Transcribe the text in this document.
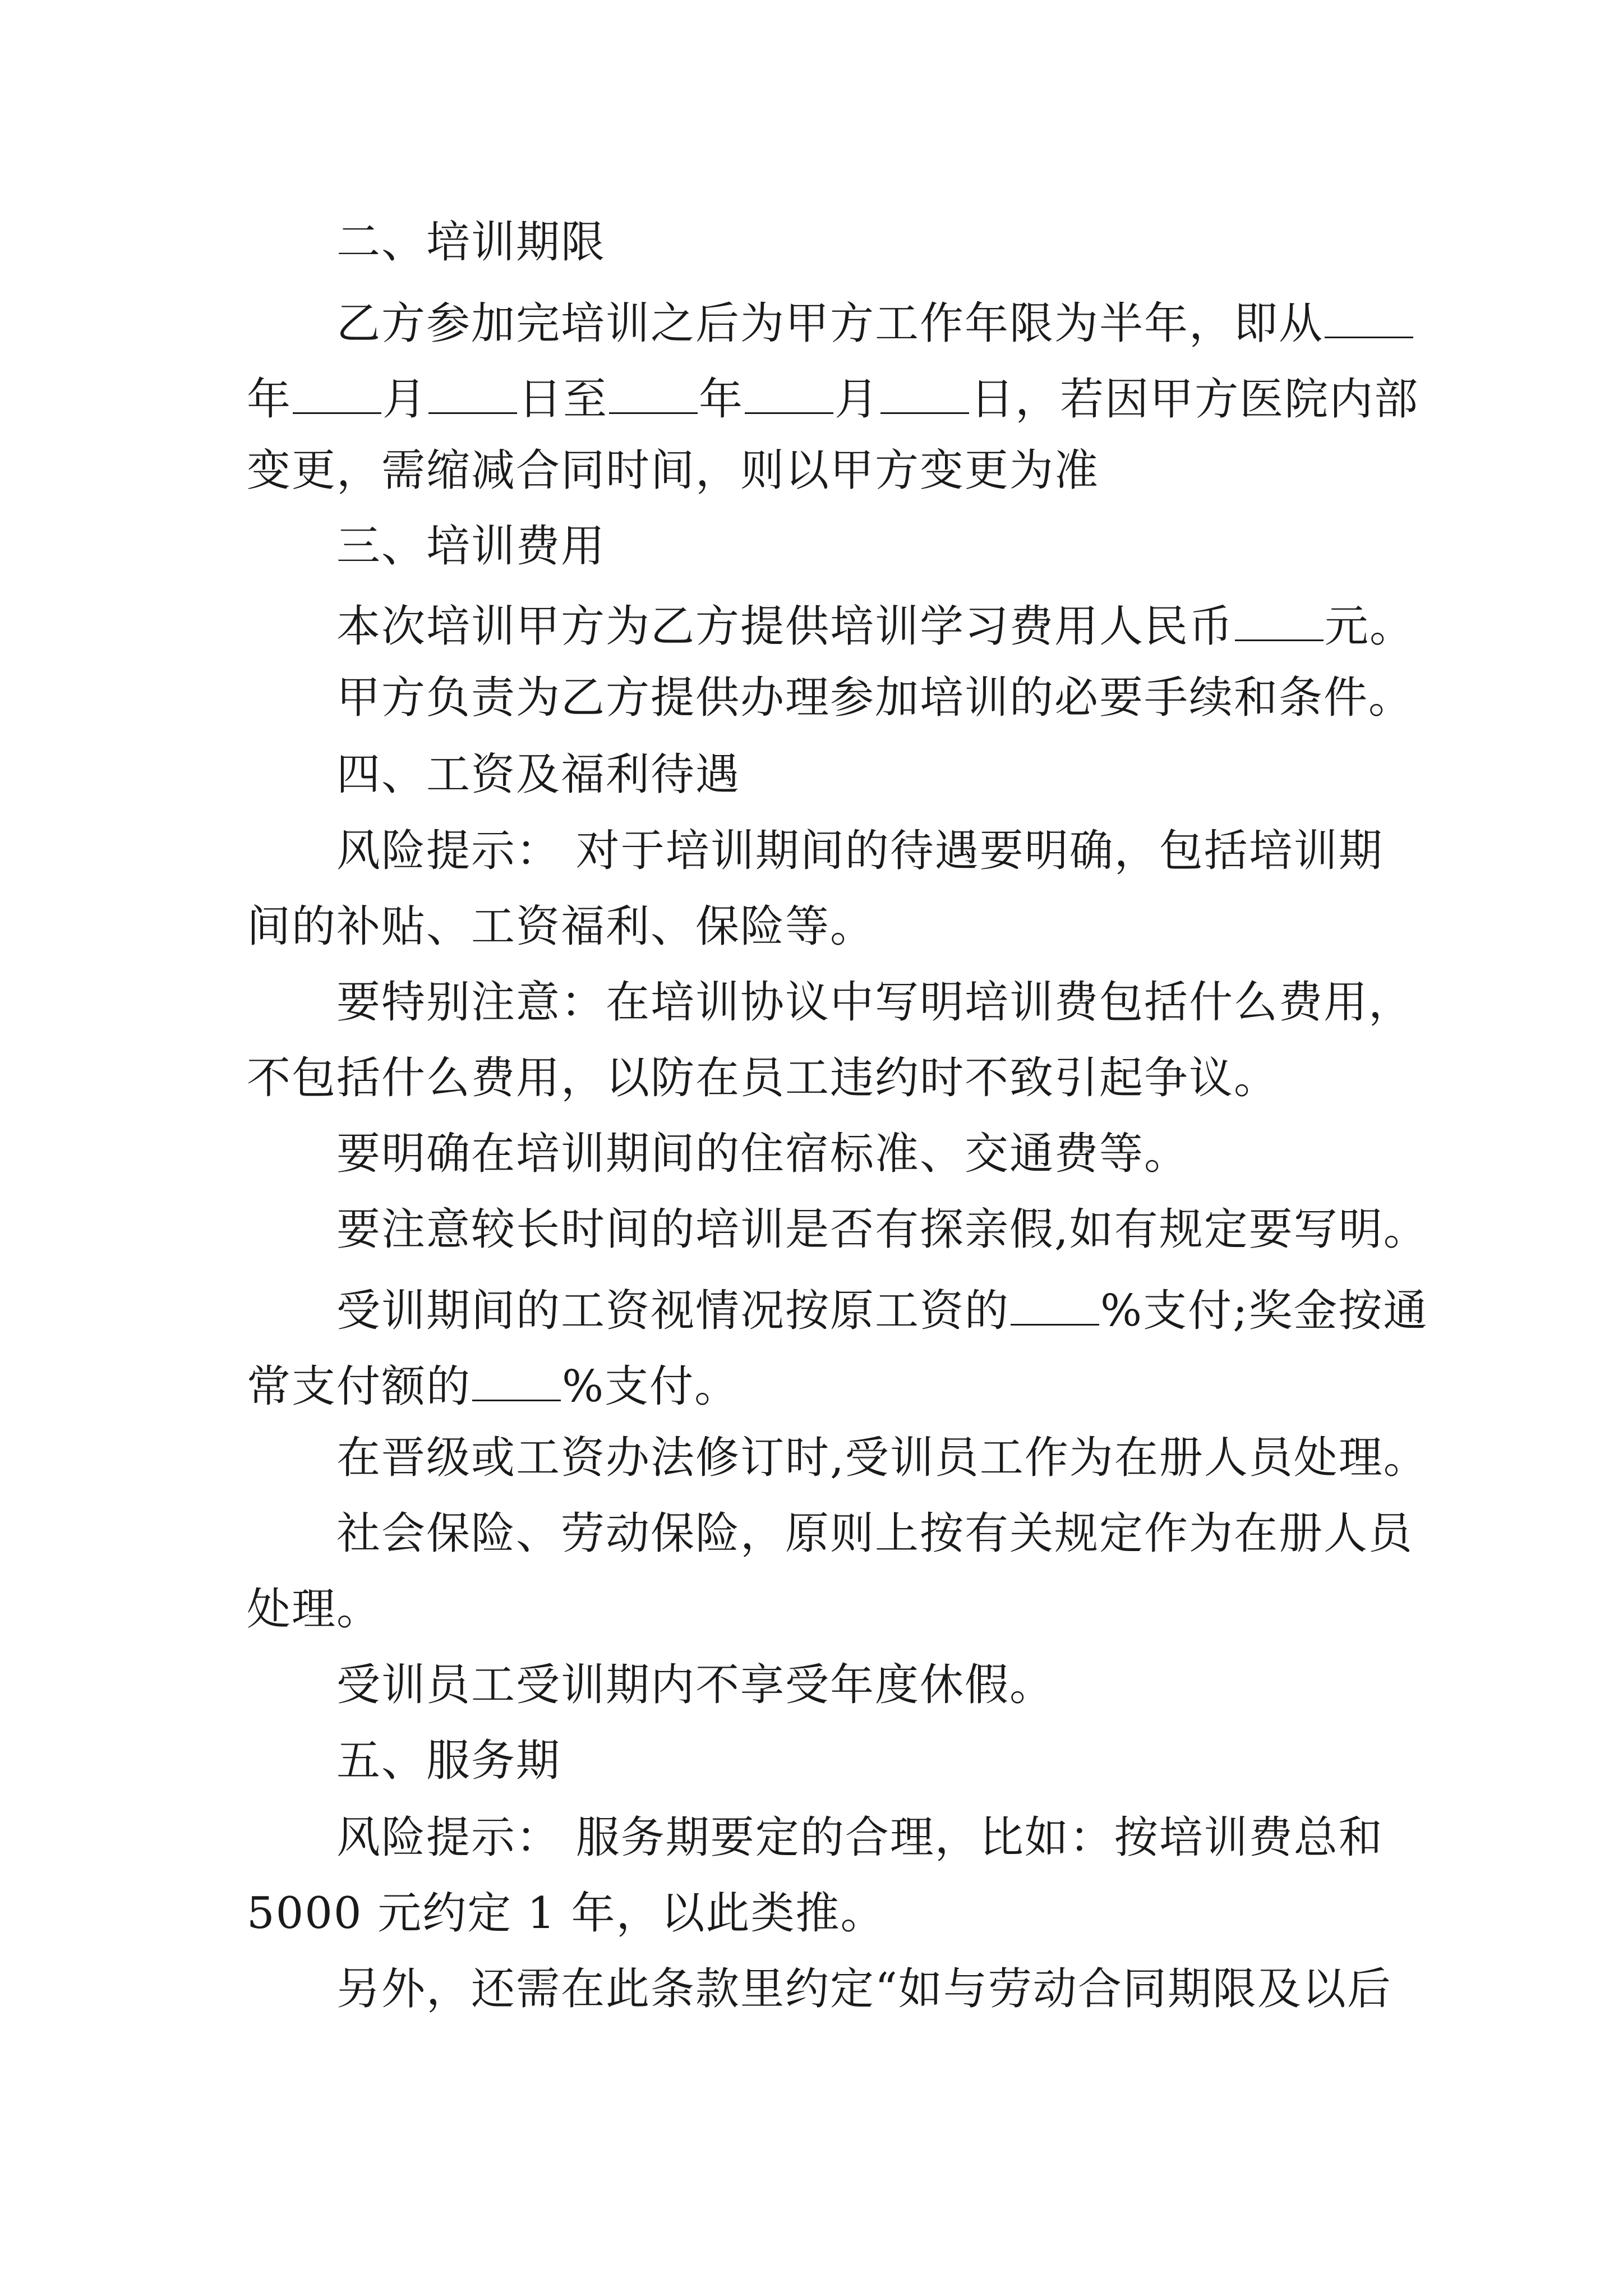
二、培训期限
乙方参加完培训之后为甲方工作年限为半年，即从
年 月 日至 年 月 日，若因甲方医院内部
变更，需缩减合同时间，则以甲方变更为准
三、培训费用
本次培训甲方为乙方提供培训学习费用人民币 元。
甲方负责为乙方提供办理参加培训的必要手续和条件。
四、工资及福利待遇
风险提示： 对于培训期间的待遇要明确，包括培训期
间的补贴、工资福利、保险等。
要特别注意：在培训协议中写明培训费包括什么费用，
不包括什么费用，以防在员工违约时不致引起争议。
要明确在培训期间的住宿标准、交通费等。
要注意较长时间的培训是否有探亲假,如有规定要写明。
受训期间的工资视情况按原工资的 %支付;奖金按通
常支付额的 %支付。
在晋级或工资办法修订时,受训员工作为在册人员处理。
社会保险、劳动保险，原则上按有关规定作为在册人员
处理。
受训员工受训期内不享受年度休假。
五、服务期
风险提示： 服务期要定的合理，比如：按培训费总和
5000 元约定 1 年，以此类推。
另外，还需在此条款里约定“如与劳动合同期限及以后
